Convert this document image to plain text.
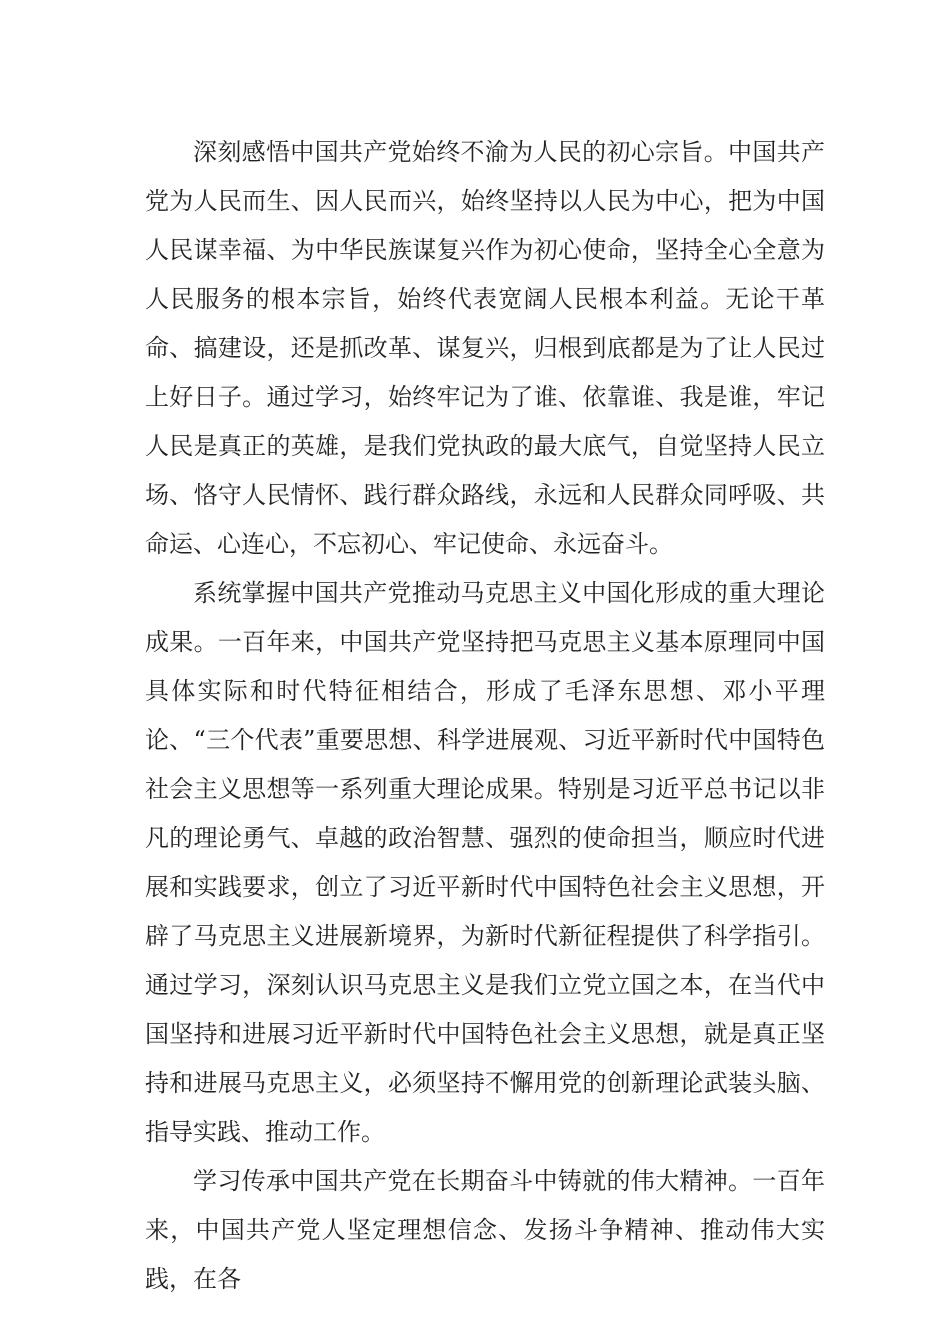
深刻感悟中国共产党始终不渝为人民的初心宗旨。中国共产党为人民而生、因人民而兴，始终坚持以人民为中心，把为中国人民谋幸福、为中华民族谋复兴作为初心使命，坚持全心全意为人民服务的根本宗旨，始终代表宽阔人民根本利益。无论干革命、搞建设，还是抓改革、谋复兴，归根到底都是为了让人民过上好日子。通过学习，始终牢记为了谁、依靠谁、我是谁，牢记人民是真正的英雄，是我们党执政的最大底气，自觉坚持人民立场、恪守人民情怀、践行群众路线，永远和人民群众同呼吸、共命运、心连心，不忘初心、牢记使命、永远奋斗。

系统掌握中国共产党推动马克思主义中国化形成的重大理论成果。一百年来，中国共产党坚持把马克思主义基本原理同中国具体实际和时代特征相结合，形成了毛泽东思想、邓小平理论、“三个代表”重要思想、科学进展观、习近平新时代中国特色社会主义思想等一系列重大理论成果。特别是习近平总书记以非凡的理论勇气、卓越的政治智慧、强烈的使命担当，顺应时代进展和实践要求，创立了习近平新时代中国特色社会主义思想，开辟了马克思主义进展新境界，为新时代新征程提供了科学指引。通过学习，深刻认识马克思主义是我们立党立国之本，在当代中国坚持和进展习近平新时代中国特色社会主义思想，就是真正坚持和进展马克思主义，必须坚持不懈用党的创新理论武装头脑、指导实践、推动工作。

学习传承中国共产党在长期奋斗中铸就的伟大精神。一百年来，中国共产党人坚定理想信念、发扬斗争精神、推动伟大实践，在各
